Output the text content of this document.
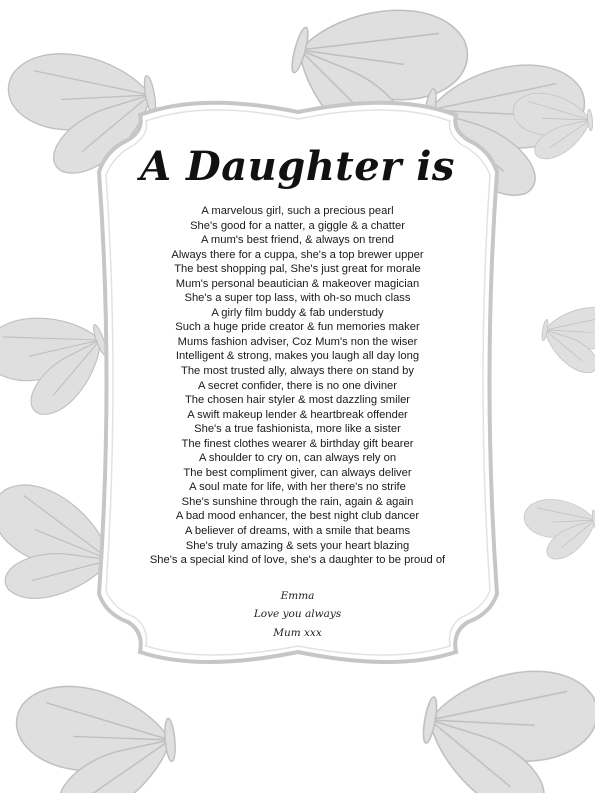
A Daughter is
A marvelous girl, such a precious pearl
She's good for a natter, a giggle & a chatter
A mum's best friend, & always on trend
Always there for a cuppa, she's a top brewer upper
The best shopping pal, She's just great for morale
Mum's personal beautician & makeover magician
She's a super top lass, with oh-so much class
A girly film buddy & fab understudy
Such a huge pride creator & fun memories maker
Mums fashion adviser, Coz Mum's non the wiser
Intelligent & strong, makes you laugh all day long
The most trusted ally, always there on stand by
A secret confider, there is no one diviner
The chosen hair styler & most dazzling smiler
A swift makeup lender & heartbreak offender
She's a true fashionista, more like a sister
The finest clothes wearer & birthday gift bearer
A shoulder to cry on, can always rely on
The best compliment giver, can always deliver
A soul mate for life, with her there's no strife
She's sunshine through the rain, again & again
A bad mood enhancer, the best night club dancer
A believer of dreams, with a smile that beams
She's truly amazing & sets your heart blazing
She's a special kind of love, she's a daughter to be proud of
Emma
Love you always
Mum xxx
